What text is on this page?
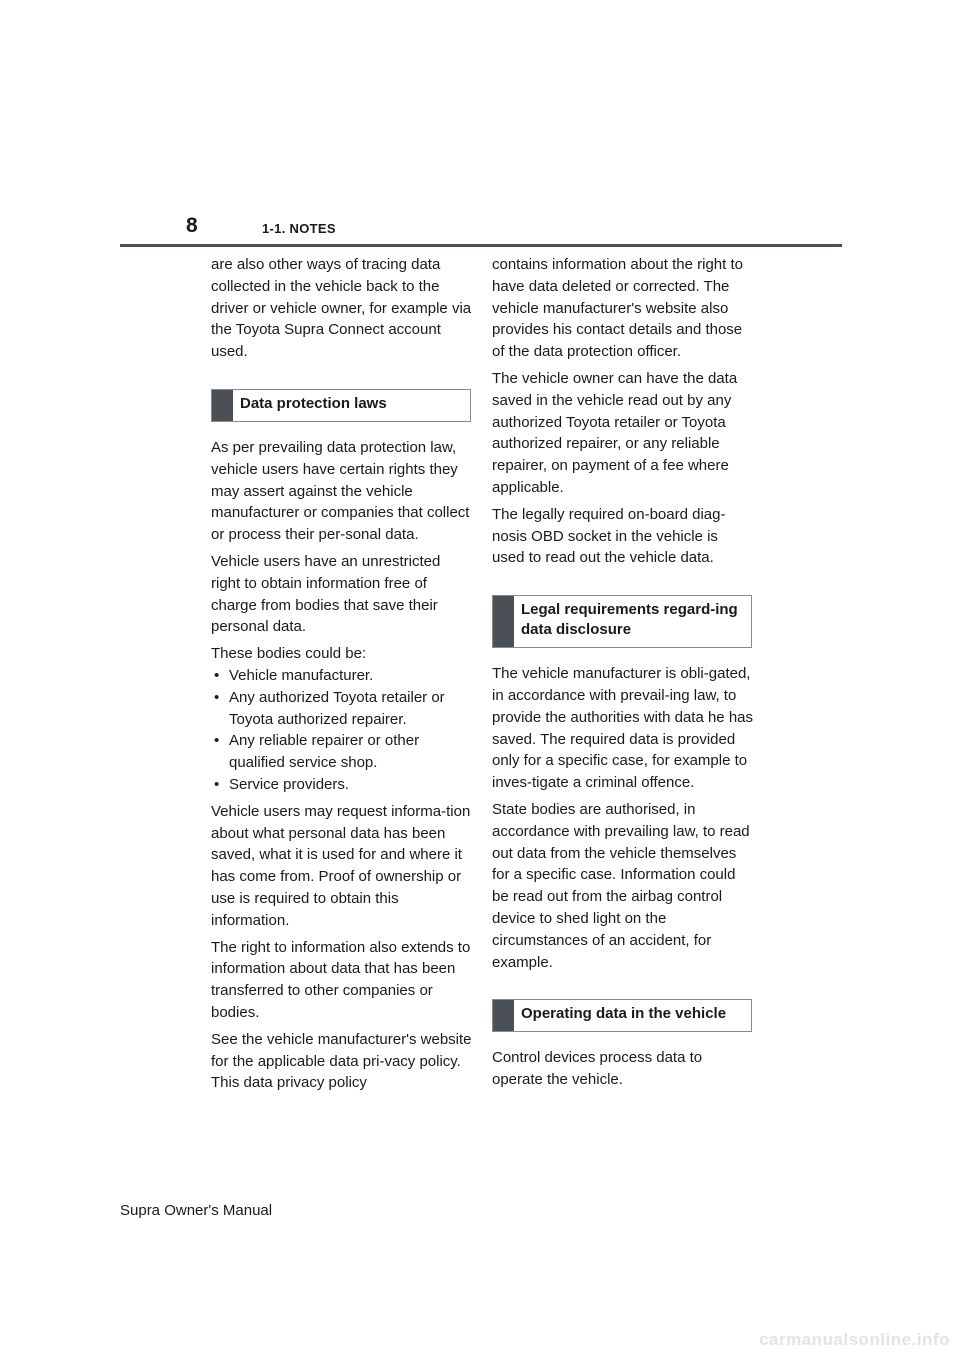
8	1-1. NOTES

are also other ways of tracing data collected in the vehicle back to the driver or vehicle owner, for example via the Toyota Supra Connect account used.

Data protection laws

As per prevailing data protection law, vehicle users have certain rights they may assert against the vehicle manufacturer or companies that collect or process their per-sonal data.

Vehicle users have an unrestricted right to obtain information free of charge from bodies that save their personal data.

These bodies could be:

• Vehicle manufacturer.
• Any authorized Toyota retailer or Toyota authorized repairer.
• Any reliable repairer or other qualified service shop.
• Service providers.

Vehicle users may request informa-tion about what personal data has been saved, what it is used for and where it has come from. Proof of ownership or use is required to obtain this information.

The right to information also extends to information about data that has been transferred to other companies or bodies.

See the vehicle manufacturer's website for the applicable data pri-vacy policy. This data privacy policy

contains information about the right to have data deleted or corrected. The vehicle manufacturer's website also provides his contact details and those of the data protection officer.

The vehicle owner can have the data saved in the vehicle read out by any authorized Toyota retailer or Toyota authorized repairer, or any reliable repairer, on payment of a fee where applicable.

The legally required on-board diag-nosis OBD socket in the vehicle is used to read out the vehicle data.

Legal requirements regard-ing data disclosure

The vehicle manufacturer is obli-gated, in accordance with prevail-ing law, to provide the authorities with data he has saved. The required data is provided only for a specific case, for example to inves-tigate a criminal offence.

State bodies are authorised, in accordance with prevailing law, to read out data from the vehicle themselves for a specific case. Information could be read out from the airbag control device to shed light on the circumstances of an accident, for example.

Operating data in the vehicle

Control devices process data to operate the vehicle.

Supra Owner's Manual
carmanualsonline.info
